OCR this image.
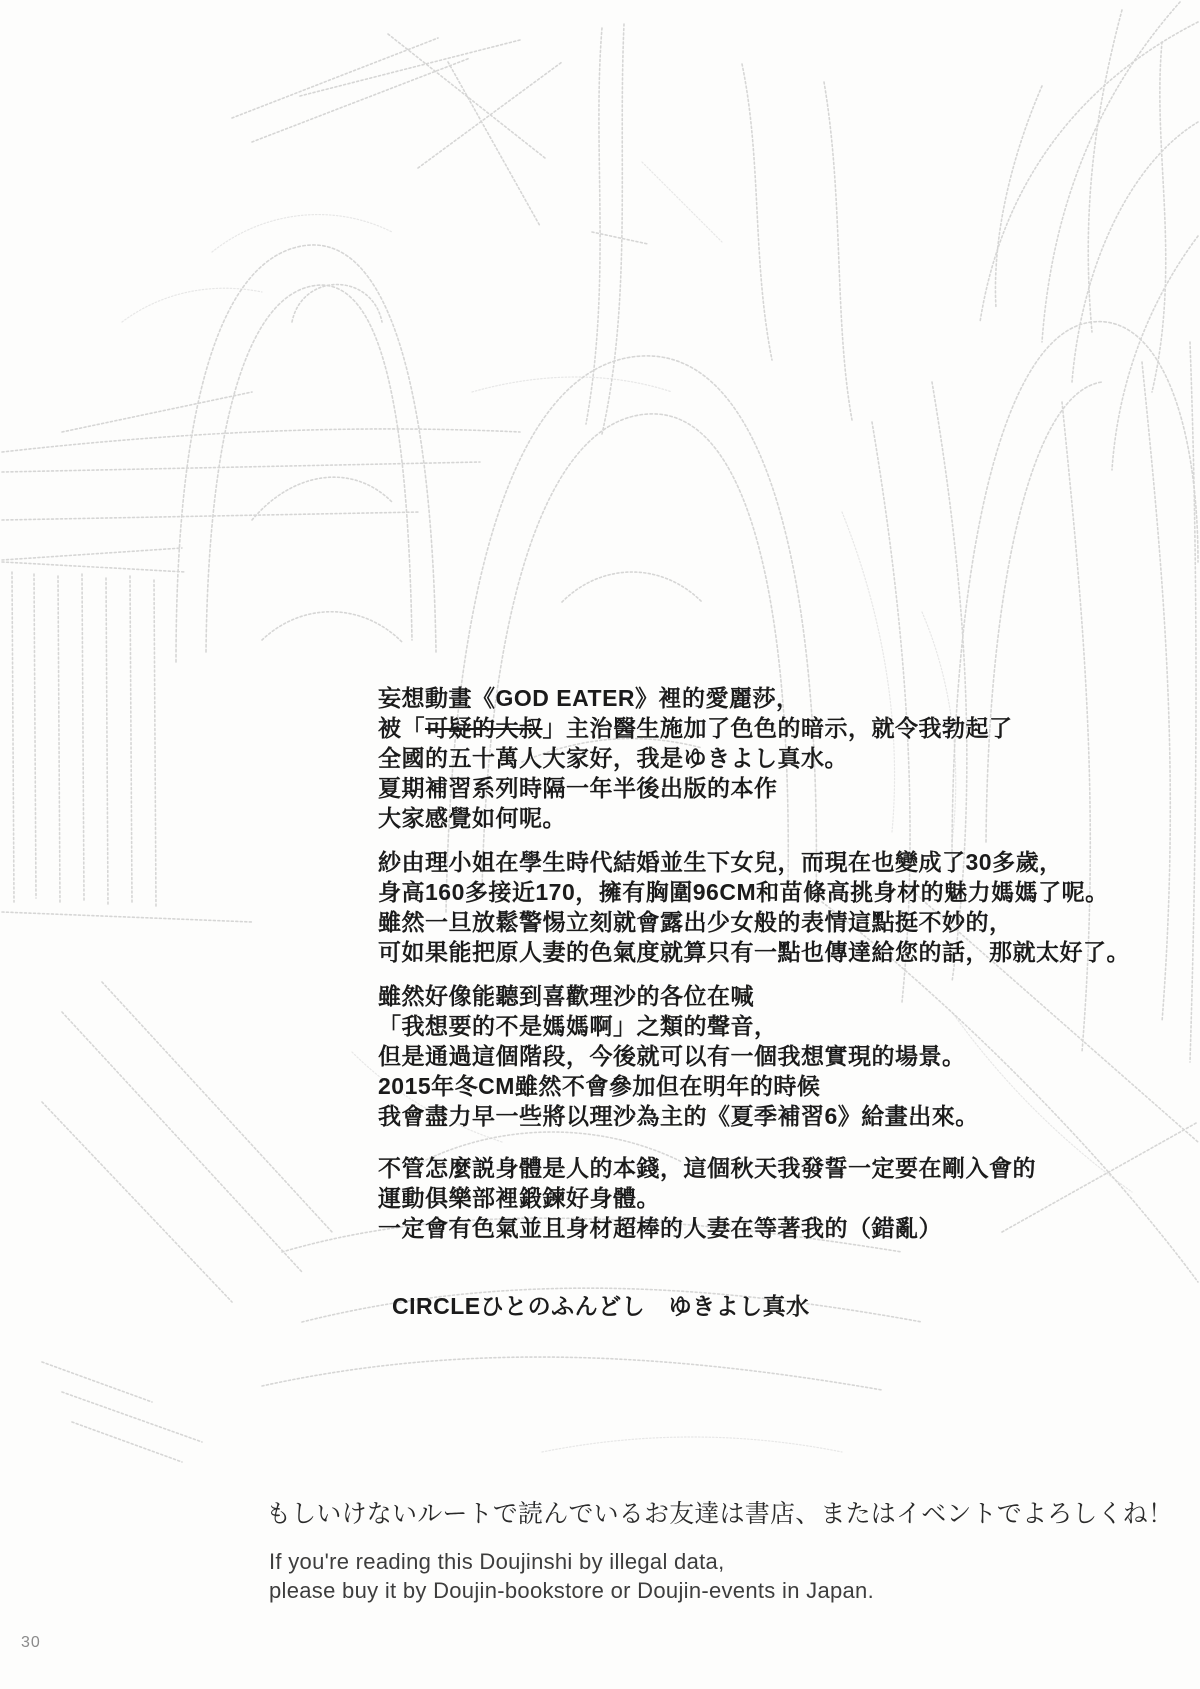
妄想動畫《GOD EATER》裡的愛麗莎，
被「可疑的大叔」主治醫生施加了色色的暗示，就令我勃起了
全國的五十萬人大家好，我是ゆきよし真水。
夏期補習系列時隔一年半後出版的本作
大家感覺如何呢。
紗由理小姐在學生時代結婚並生下女兒，而現在也變成了30多歲，
身高160多接近170，擁有胸圍96CM和苗條高挑身材的魅力媽媽了呢。
雖然一旦放鬆警惕立刻就會露出少女般的表情這點挺不妙的，
可如果能把原人妻的色氣度就算只有一點也傳達給您的話，那就太好了。
雖然好像能聽到喜歡理沙的各位在喊
「我想要的不是媽媽啊」之類的聲音，
但是通過這個階段，今後就可以有一個我想實現的場景。
2015年冬CM雖然不會參加但在明年的時候
我會盡力早一些將以理沙為主的《夏季補習6》給畫出來。
不管怎麼説身體是人的本錢，這個秋天我發誓一定要在剛入會的
運動俱樂部裡鍛鍊好身體。
一定會有色氣並且身材超棒的人妻在等著我的（錯亂）
CIRCLEひとのふんどし　ゆきよし真水
もしいけないルートで読んでいるお友達は書店、またはイベントでよろしくね！
If you're reading this Doujinshi by illegal data,
please buy it by Doujin-bookstore or Doujin-events in Japan.
30
